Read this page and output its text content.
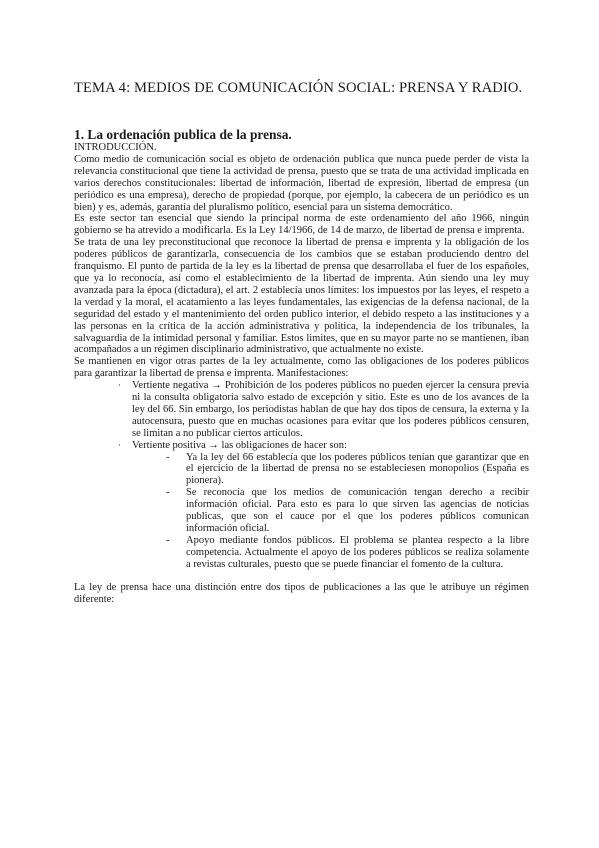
TEMA 4: MEDIOS DE COMUNICACIÓN SOCIAL: PRENSA Y RADIO.
1. La ordenación publica de la prensa.

INTRODUCCIÓN.

Como medio de comunicación social es objeto de ordenación publica que nunca puede perder de vista la relevancia constitucional que tiene la actividad de prensa, puesto que se trata de una actividad implicada en varios derechos constitucionales: libertad de información, libertad de expresión, libertad de empresa (un periódico es una empresa), derecho de propiedad (porque, por ejemplo, la cabecera de un periódico es un bien) y es, además, garantía del pluralismo político, esencial para un sistema democrático.

Es este sector tan esencial que siendo la principal norma de este ordenamiento del año 1966, ningún gobierno se ha atrevido a modificarla. Es la Ley 14/1966, de 14 de marzo, de libertad de prensa e imprenta.

Se trata de una ley preconstitucional que reconoce la libertad de prensa e imprenta y la obligación de los poderes públicos de garantizarla, consecuencia de los cambios que se estaban produciendo dentro del franquismo. El punto de partida de la ley es la libertad de prensa que desarrollaba el fuer de los españoles, que ya lo reconocía, así como el establecimiento de la libertad de imprenta. Aún siendo una ley muy avanzada para la época (dictadura), el art. 2 establecía unos límites: los impuestos por las leyes, el respeto a la verdad y la moral, el acatamiento a las leyes fundamentales, las exigencias de la defensa nacional, de la seguridad del estado y el mantenimiento del orden publico interior, el debido respeto a las instituciones y a las personas en la crítica de la acción administrativa y política, la independencia de los tribunales, la salvaguardia de la intimidad personal y familiar. Estos limites, que en su mayor parte no se mantienen, iban acompañados a un régimen disciplinario administrativo, que actualmente no existe.

Se mantienen en vigor otras partes de la ley actualmente, como las obligaciones de los poderes públicos para garantizar la libertad de prensa e imprenta. Manifestaciones:

· Vertiente negativa → Prohibición de los poderes públicos no pueden ejercer la censura previa ni la consulta obligatoria salvo estado de excepción y sitio. Este es uno de los avances de la ley del 66. Sin embargo, los periodistas hablan de que hay dos tipos de censura, la externa y la autocensura, puesto que en muchas ocasiones para evitar que los poderes públicos censuren, se limitan a no publicar ciertos artículos.
· Vertiente positiva → las obligaciones de hacer son:
- Ya la ley del 66 establecía que los poderes públicos tenían que garantizar que en el ejercicio de la libertad de prensa no se estableciesen monopolios (España es pionera).
- Se reconocía que los medios de comunicación tengan derecho a recibir información oficial. Para esto es para lo que sirven las agencias de noticias publicas, que son el cauce por el que los poderes públicos comunican información oficial.
- Apoyo mediante fondos públicos. El problema se plantea respecto a la libre competencia. Actualmente el apoyo de los poderes públicos se realiza solamente a revistas culturales, puesto que se puede financiar el fomento de la cultura.

La ley de prensa hace una distinción entre dos tipos de publicaciones a las que le atribuye un régimen diferente:
